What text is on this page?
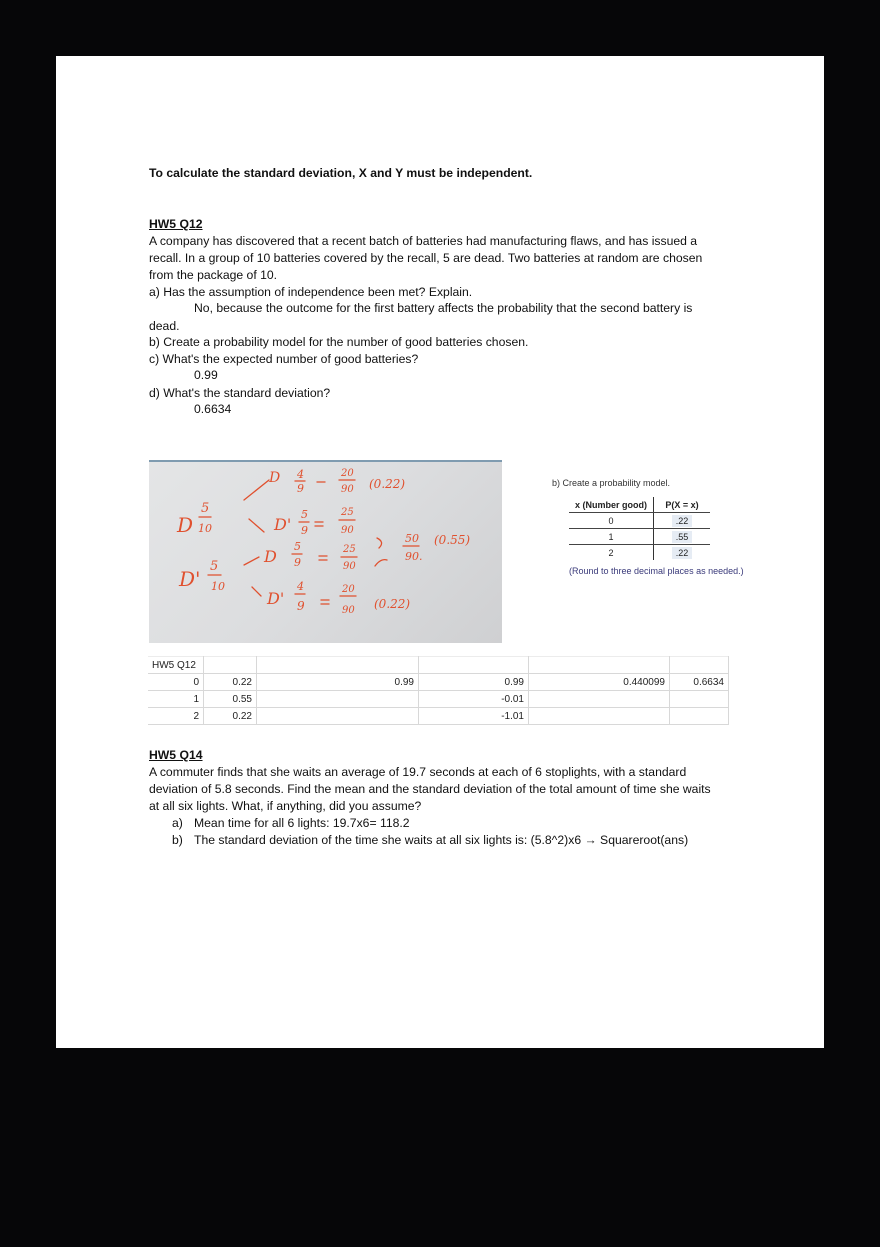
To calculate the standard deviation, X and Y must be independent.
HW5 Q12
A company has discovered that a recent batch of batteries had manufacturing flaws, and has issued a
recall. In a group of 10 batteries covered by the recall, 5 are dead. Two batteries at random are chosen
from the package of 10.
a) Has the assumption of independence been met? Explain.
No, because the outcome for the first battery affects the probability that the second battery is
dead.
b) Create a probability model for the number of good batteries chosen.
c) What's the expected number of good batteries?
0.99
d) What's the standard deviation?
0.6634
D
5
10
D'
5
10
D 4
9
20
90 (0.22)
D'
5
9
25
90
D
5
9
25
90
50
90.
(0.55)
D'
4
9
20
90 (0.22)
b) Create a probability model.
x (Number good)	P(X = x)
0	.22
1	.55
2	.22
(Round to three decimal places as needed.)
HW5 Q12					
0	0.22	0.99	0.99	0.440099	0.6634
1	0.55		-0.01		
2	0.22		-1.01		
HW5 Q14
A commuter finds that she waits an average of 19.7 seconds at each of 6 stoplights, with a standard
deviation of 5.8 seconds. Find the mean and the standard deviation of the total amount of time she waits
at all six lights. What, if anything, did you assume?
a) Mean time for all 6 lights: 19.7x6= 118.2
b) The standard deviation of the time she waits at all six lights is: (5.8^2)x6 → Squareroot(ans)
